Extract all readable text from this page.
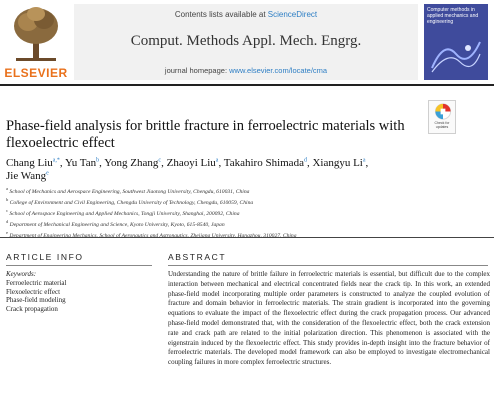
ELSEVIER
Contents lists available at ScienceDirect
Comput. Methods Appl. Mech. Engrg.
journal homepage: www.elsevier.com/locate/cma
Computer methods in applied mechanics and engineering
Phase-field analysis for brittle fracture in ferroelectric materials with flexoelectric effect
Check for updates
Chang Liu$^{a,*}$, Yu Tan$^b$, Yong Zhang$^c$, Zhaoyi Liu$^a$, Takahiro Shimada$^d$, Xiangyu Li$^a$,
Jie Wang$^e$
$^a$ School of Mechanics and Aerospace Engineering, Southwest Jiaotong University, Chengdu, 610031, China
$^b$ College of Environment and Civil Engineering, Chengdu University of Technology, Chengdu, 610059, China
$^c$ School of Aerospace Engineering and Applied Mechanics, Tongji University, Shanghai, 200092, China
$^d$ Department of Mechanical Engineering and Science, Kyoto University, Kyoto, 615-8540, Japan
$^e$
ARTICLE INFO
Keywords:
Ferroelectric material
Flexoelectric effect
Phase-field modeling
Crack propagation
ABSTRACT
Understanding the nature of brittle failure in ferroelectric materials is essential, but difficult due to the complex interaction between mechanical and electrical concentrated fields near the crack tip. In this work, an extended phase-field model incorporating multiple order parameters is constructed to analyze the coupled evolution of fracture and domain behavior in ferroelectric materials. The strain gradient is incorporated into the governing equations to evaluate the impact of the flexoelectric effect during the crack propagation process. Our advanced phase-field model demonstrated that, with the consideration of the flexoelectric effect, both the crack extension rate and crack path are related to the initial polarization direction. This phenomenon is associated with the eigenstrain induced by the flexoelectric effect. This study provides in-depth insight into the fracture behavior of ferroelectric materials. The developed model framework can also be employed to investigate electromechanical coupling failures in more complex ferroelectric structures.
